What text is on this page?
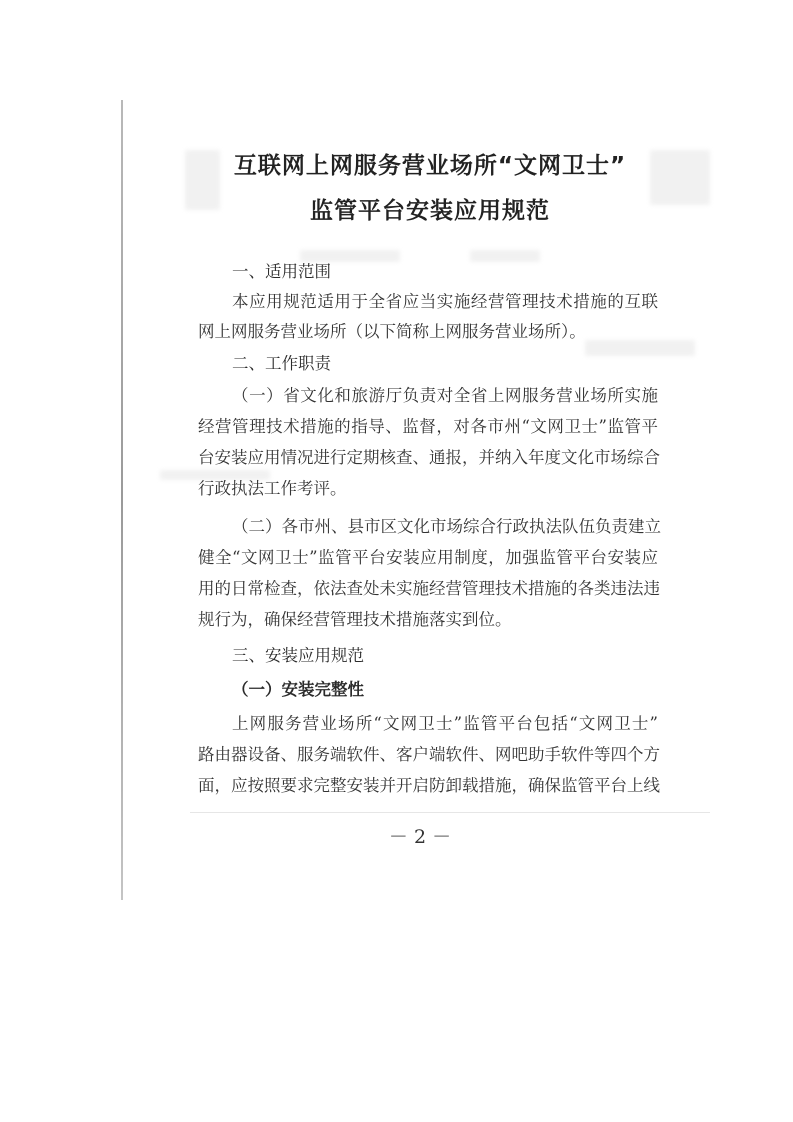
互联网上网服务营业场所“文网卫士”
监管平台安装应用规范
一、适用范围
本应用规范适用于全省应当实施经营管理技术措施的互联
网上网服务营业场所（以下简称上网服务营业场所）。
二、工作职责
（一）省文化和旅游厅负责对全省上网服务营业场所实施
经营管理技术措施的指导、监督，对各市州“文网卫士”监管平
台安装应用情况进行定期核查、通报，并纳入年度文化市场综合
行政执法工作考评。
（二）各市州、县市区文化市场综合行政执法队伍负责建立
健全“文网卫士”监管平台安装应用制度，加强监管平台安装应
用的日常检查，依法查处未实施经营管理技术措施的各类违法违
规行为，确保经营管理技术措施落实到位。
三、安装应用规范
（一）安装完整性
上网服务营业场所“文网卫士”监管平台包括“文网卫士”
路由器设备、服务端软件、客户端软件、网吧助手软件等四个方
面，应按照要求完整安装并开启防卸载措施，确保监管平台上线
－ 2 －
